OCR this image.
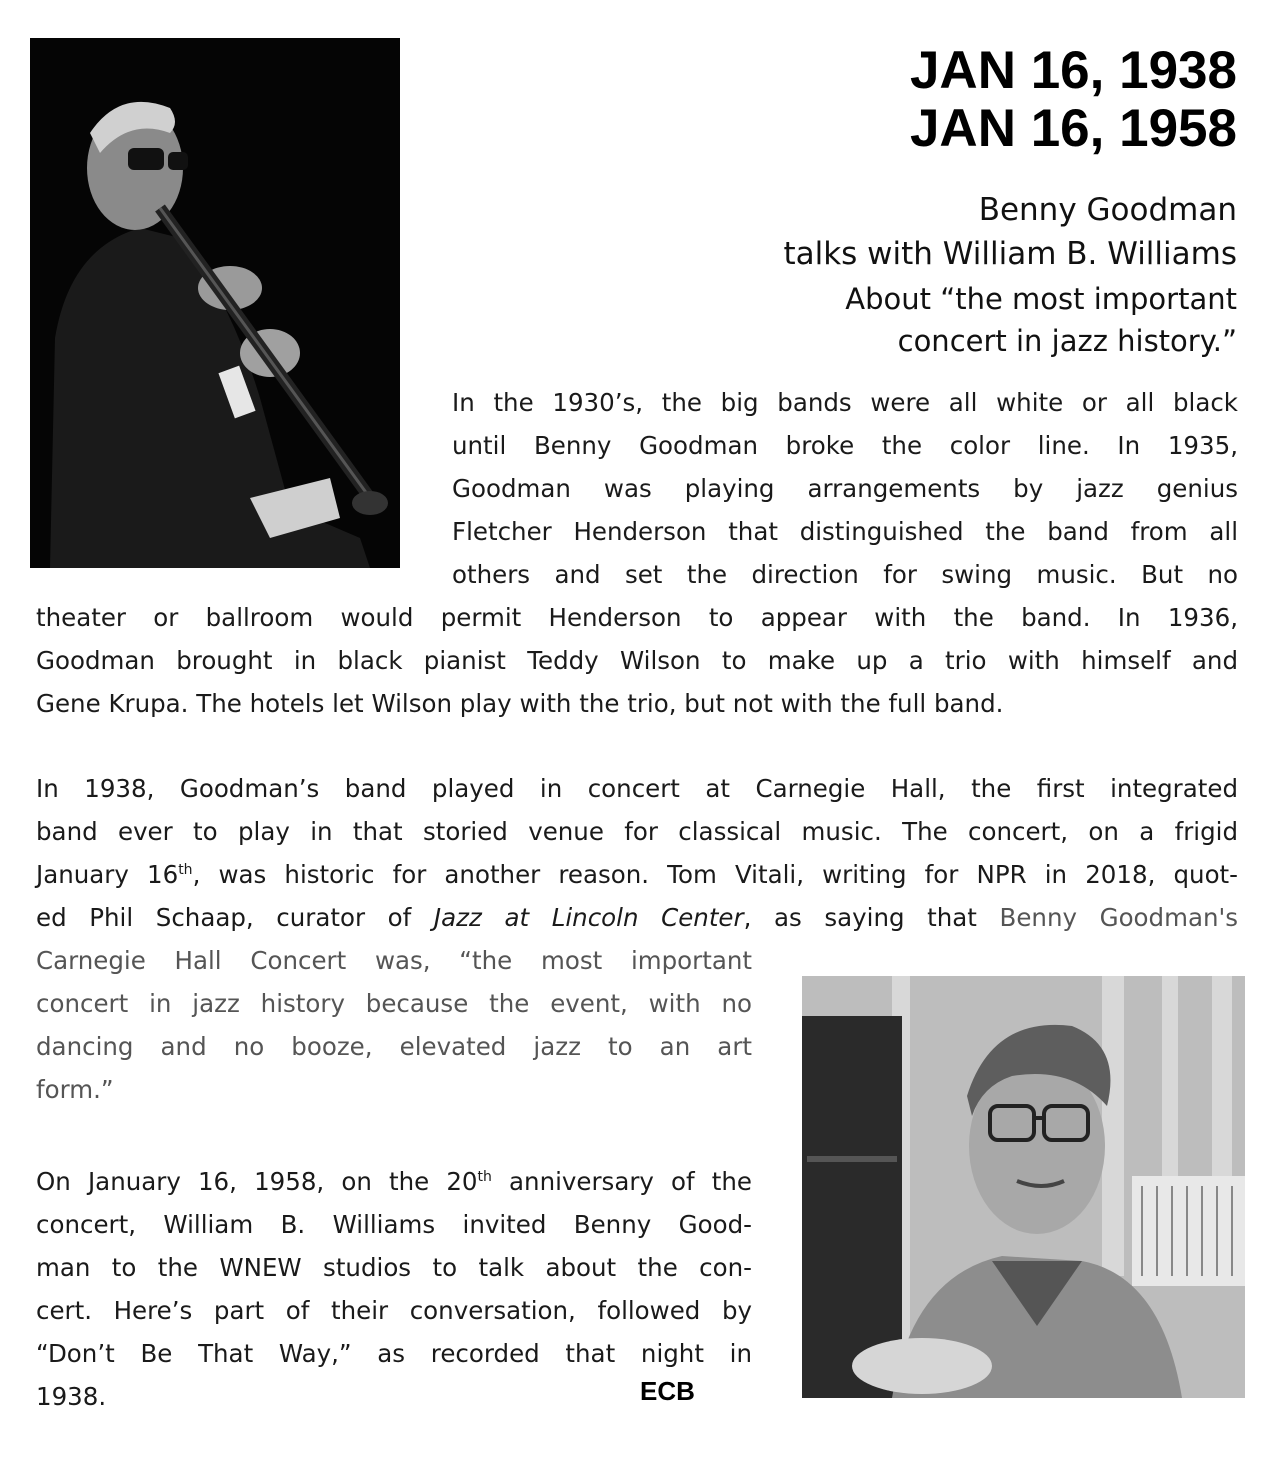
JAN 16, 1938
JAN 16, 1958
Benny Goodman
talks with William B. Williams
About “the most important
concert in jazz history.”
In the 1930’s, the big bands were all white or all black
until Benny Goodman broke the color line. In 1935,
Goodman was playing arrangements by jazz genius
Fletcher Henderson that distinguished the band from all
others and set the direction for swing music. But no
theater or ballroom would permit Henderson to appear with the band. In 1936,
Goodman brought in black pianist Teddy Wilson to make up a trio with himself and
Gene Krupa. The hotels let Wilson play with the trio, but not with the full band.
In 1938, Goodman’s band played in concert at Carnegie Hall, the first integrated
band ever to play in that storied venue for classical music. The concert, on a frigid
January 16th, was historic for another reason. Tom Vitali, writing for NPR in 2018, quot-
ed Phil Schaap, curator of Jazz at Lincoln Center, as saying that Benny Goodman's
Carnegie Hall Concert was, “the most important
concert in jazz history because the event, with no
dancing and no booze, elevated jazz to an art
form.”
On January 16, 1958, on the 20th anniversary of the
concert, William B. Williams invited Benny Good-
man to the WNEW studios to talk about the con-
cert. Here’s part of their conversation, followed by
“Don’t Be That Way,” as recorded that night in
1938.	ECB
